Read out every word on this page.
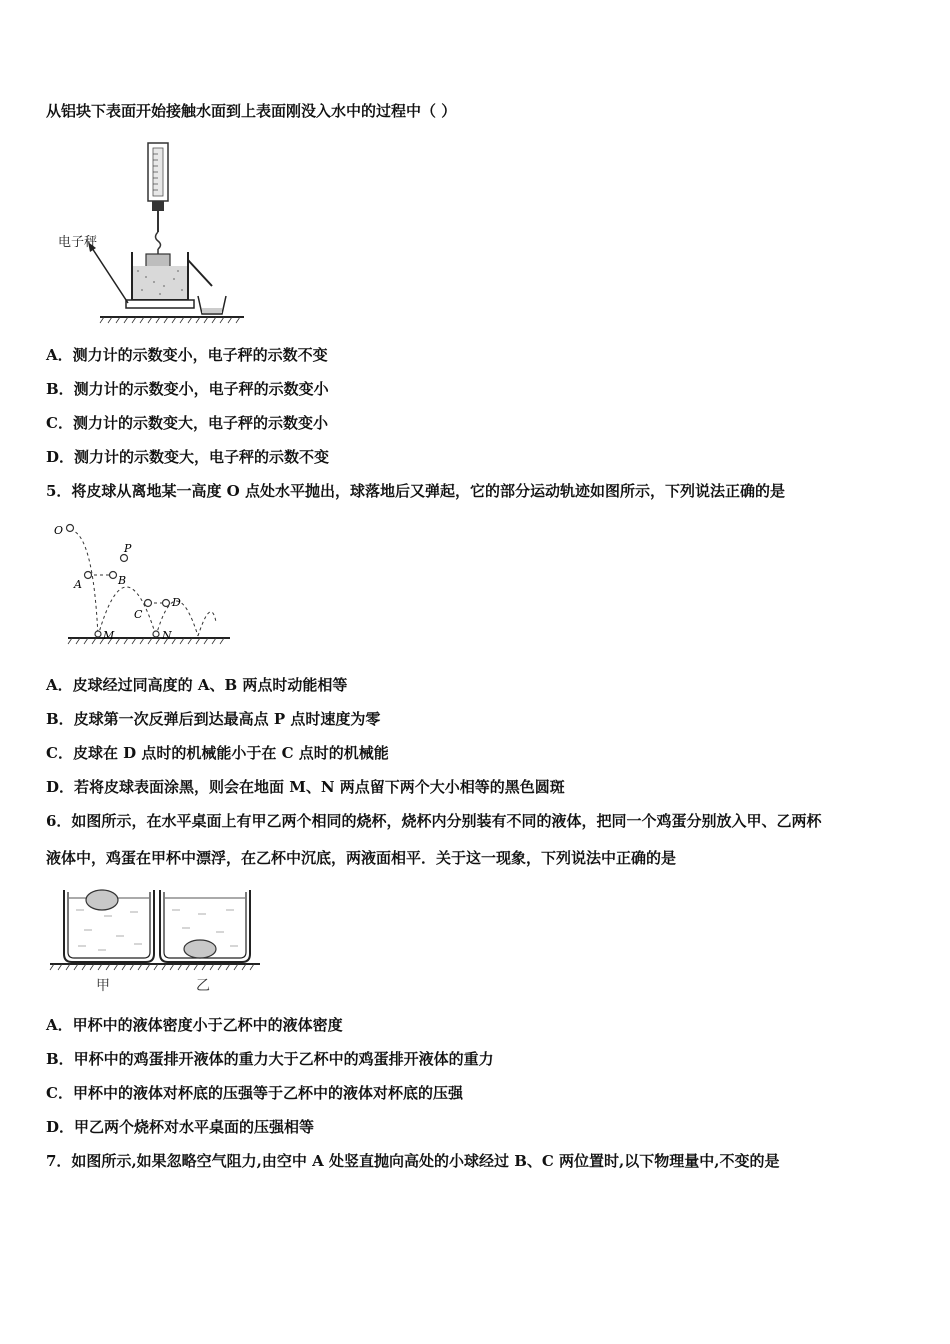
从铝块下表面开始接触水面到上表面刚没入水中的过程中（ ）
电子秤
A．测力计的示数变小，电子秤的示数不变
B．测力计的示数变小，电子秤的示数变小
C．测力计的示数变大，电子秤的示数变小
D．测力计的示数变大，电子秤的示数不变
5．将皮球从离地某一高度 O 点处水平抛出，球落地后又弹起，它的部分运动轨迹如图所示，下列说法正确的是
O
A	B
P
C
D
M	N
A．皮球经过同高度的 A、B 两点时动能相等
B．皮球第一次反弹后到达最高点 P 点时速度为零
C．皮球在 D 点时的机械能小于在 C 点时的机械能
D．若将皮球表面涂黑，则会在地面 M、N 两点留下两个大小相等的黑色圆斑
6．如图所示，在水平桌面上有甲乙两个相同的烧杯，烧杯内分别装有不同的液体，把同一个鸡蛋分别放入甲、乙两杯
液体中，鸡蛋在甲杯中漂浮，在乙杯中沉底，两液面相平．关于这一现象，下列说法中正确的是
甲	乙
A．甲杯中的液体密度小于乙杯中的液体密度
B．甲杯中的鸡蛋排开液体的重力大于乙杯中的鸡蛋排开液体的重力
C．甲杯中的液体对杯底的压强等于乙杯中的液体对杯底的压强
D．甲乙两个烧杯对水平桌面的压强相等
7．如图所示,如果忽略空气阻力,由空中 A 处竖直抛向高处的小球经过 B、C 两位置时,以下物理量中,不变的是
